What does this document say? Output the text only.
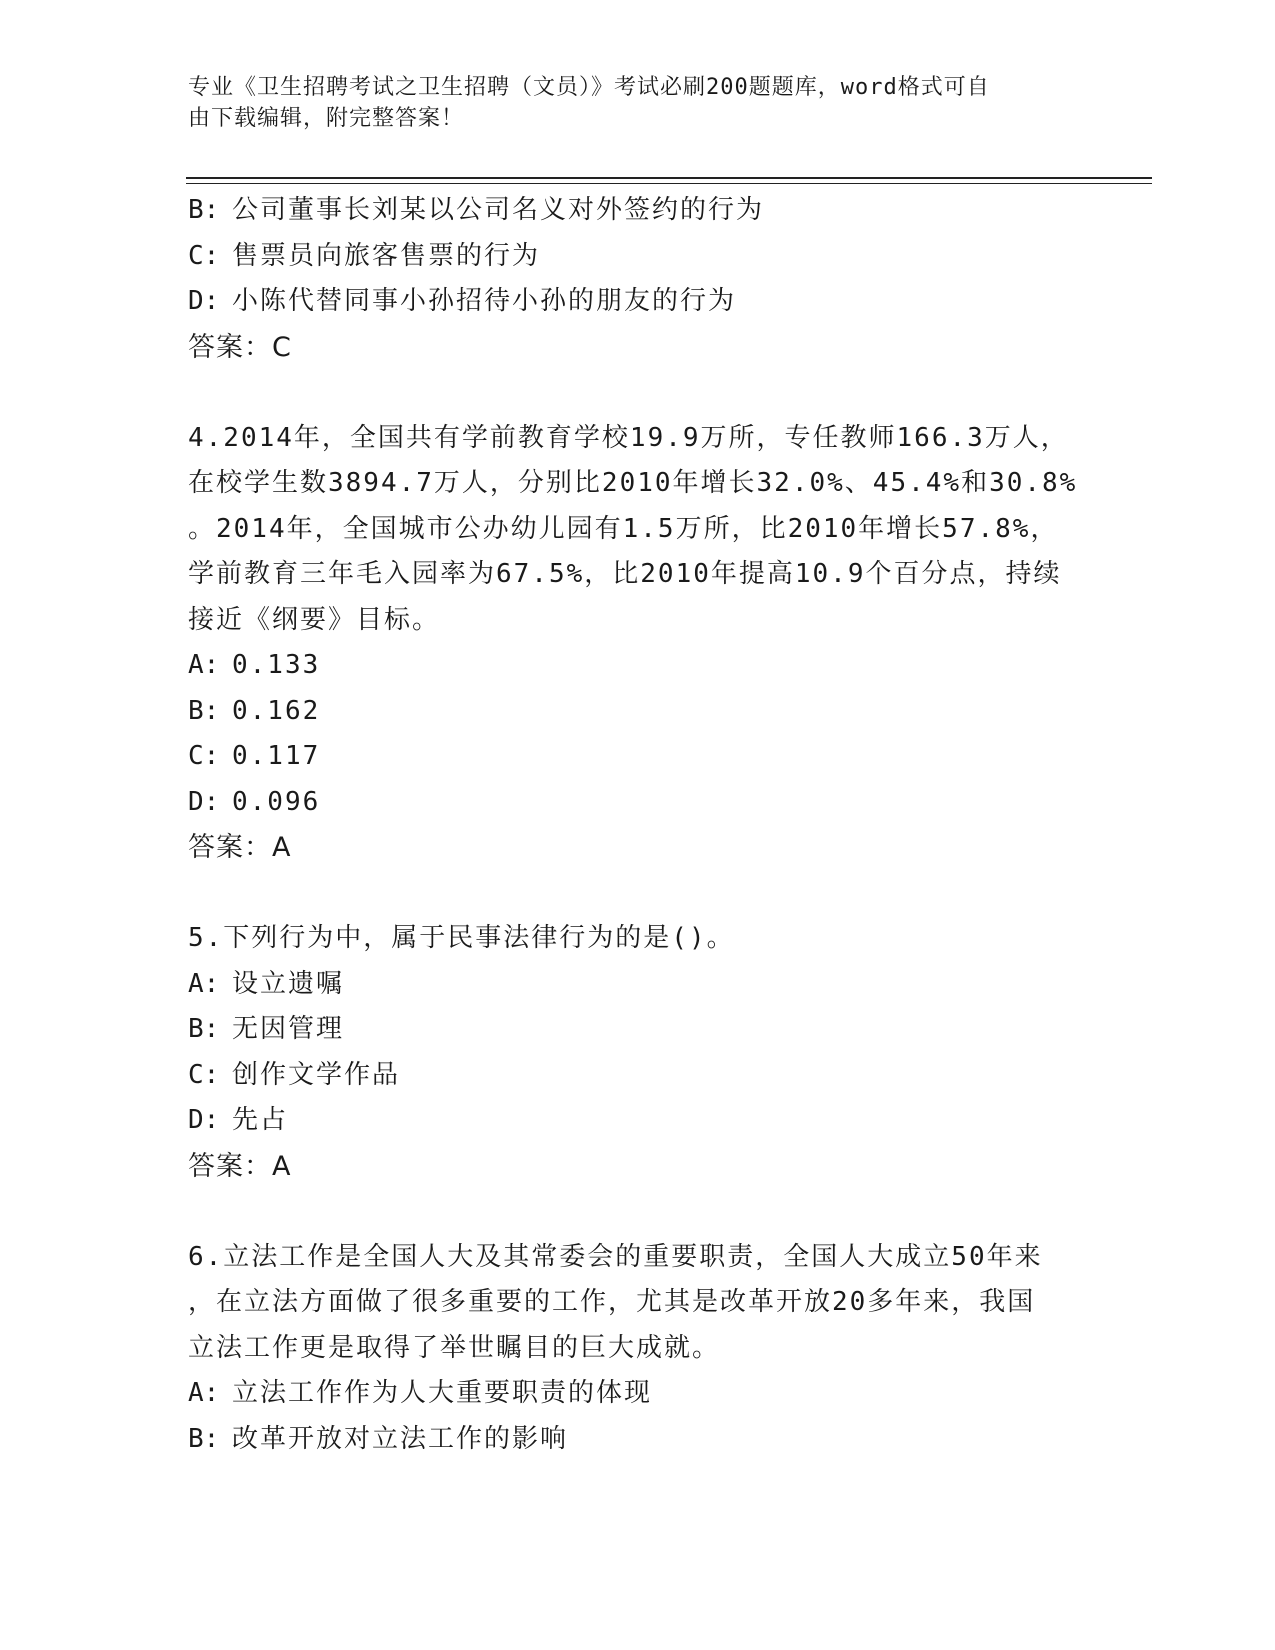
专业《卫生招聘考试之卫生招聘（文员）》考试必刷200题题库，word格式可自
由下载编辑，附完整答案！
B: 公司董事长刘某以公司名义对外签约的行为
C: 售票员向旅客售票的行为
D: 小陈代替同事小孙招待小孙的朋友的行为
答案：C
4.2014年，全国共有学前教育学校19.9万所，专任教师166.3万人，
在校学生数3894.7万人，分别比2010年增长32.0%、45.4%和30.8%
。2014年，全国城市公办幼儿园有1.5万所，比2010年增长57.8%，
学前教育三年毛入园率为67.5%，比2010年提高10.9个百分点，持续
接近《纲要》目标。
A: 0.133
B: 0.162
C: 0.117
D: 0.096
答案：A
5.下列行为中，属于民事法律行为的是()。
A: 设立遗嘱
B: 无因管理
C: 创作文学作品
D: 先占
答案：A
6.立法工作是全国人大及其常委会的重要职责，全国人大成立50年来
，在立法方面做了很多重要的工作，尤其是改革开放20多年来，我国
立法工作更是取得了举世瞩目的巨大成就。
A: 立法工作作为人大重要职责的体现
B: 改革开放对立法工作的影响
